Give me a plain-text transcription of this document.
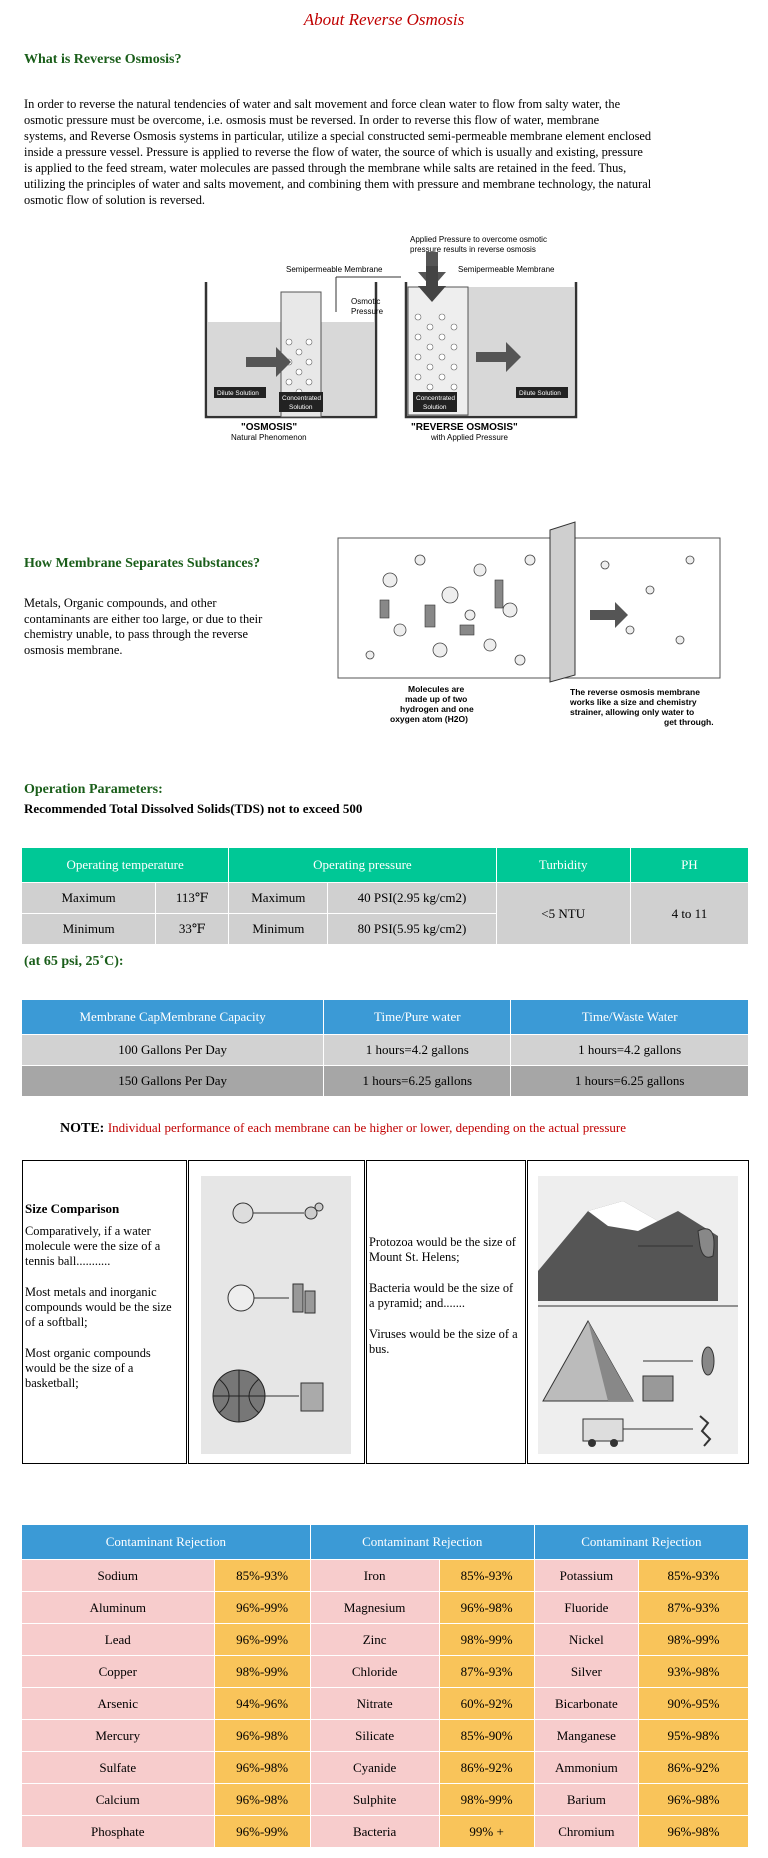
About Reverse Osmosis
What is Reverse Osmosis?
In order to reverse the natural tendencies of water and salt movement and force clean water to flow from salty water, the
osmotic pressure must be overcome, i.e. osmosis must be reversed. In order to reverse this flow of water, membrane
systems, and Reverse Osmosis systems in particular, utilize a special constructed semi-permeable membrane element enclosed
inside a pressure vessel. Pressure is applied to reverse the flow of water, the source of which is usually and existing, pressure
is applied to the feed stream, water molecules are passed through the membrane while salts are retained in the feed. Thus,
utilizing the principles of water and salts movement, and combining them with pressure and membrane technology, the natural
osmotic flow of solution is reversed.
Applied Pressure to overcome osmotic
pressure results in reverse osmosis
Semipermeable Membrane	Semipermeable Membrane
Osmotic
Pressure
Dilute Solution
Concentrated
Solution
Concentrated
Solution
Dilute Solution
"OSMOSIS"
Natural Phenomenon
"REVERSE OSMOSIS"
with Applied Pressure
How Membrane Separates Substances?
Metals, Organic compounds, and other
contaminants are either too large, or due to their
chemistry unable, to pass through the reverse
osmosis membrane.
Molecules are
made up of two
hydrogen and one
oxygen atom (H2O)
The reverse osmosis membrane
works like a size and chemistry
strainer, allowing only water to
get through.
Operation Parameters:
Recommended Total Dissolved Solids(TDS) not to exceed 500
Operating temperature		Operating pressure		Turbidity	PH
Maximum	113℉	Maximum	40 PSI(2.95 kg/cm2)	<5 NTU	4 to 11
Minimum	33℉	Minimum	80 PSI(5.95 kg/cm2)		
(at 65 psi, 25˚C):
Membrane CapMembrane Capacity	Time/Pure water	Time/Waste Water
100 Gallons Per Day	1 hours=4.2 gallons	1 hours=4.2 gallons
150 Gallons Per Day	1 hours=6.25 gallons	1 hours=6.25 gallons
NOTE: Individual performance of each membrane can be higher or lower, depending on the actual pressure
Size Comparison
Comparatively, if a water molecule were the size of a tennis ball...........
Most metals and inorganic compounds would be the size of a softball;
Most organic compounds would be the size of a basketball;
Protozoa would be the size of Mount St. Helens;
Bacteria would be the size of a pyramid; and.......
Viruses would be the size of a bus.
Contaminant Rejection		Contaminant Rejection		Contaminant Rejection	
Sodium	85%-93%	Iron	85%-93%	Potassium	85%-93%
Aluminum	96%-99%	Magnesium	96%-98%	Fluoride	87%-93%
Lead	96%-99%	Zinc	98%-99%	Nickel	98%-99%
Copper	98%-99%	Chloride	87%-93%	Silver	93%-98%
Arsenic	94%-96%	Nitrate	60%-92%	Bicarbonate	90%-95%
Mercury	96%-98%	Silicate	85%-90%	Manganese	95%-98%
Sulfate	96%-98%	Cyanide	86%-92%	Ammonium	86%-92%
Calcium	96%-98%	Sulphite	98%-99%	Barium	96%-98%
Phosphate	96%-99%	Bacteria	99% +	Chromium	96%-98%
